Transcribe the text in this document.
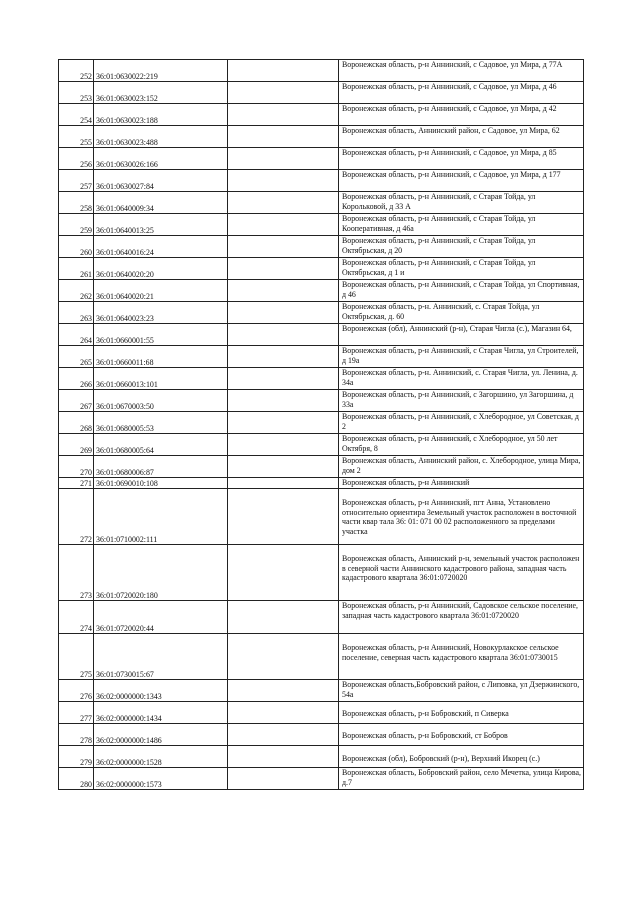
252	36:01:0630022:219		Воронежская область, р-н Аннинский, с Садовое, ул Мира, д 77А
253	36:01:0630023:152		Воронежская область, р-н Аннинский, с Садовое, ул Мира, д 46
254	36:01:0630023:188		Воронежская область, р-н Аннинский, с Садовое, ул Мира, д 42
255	36:01:0630023:488		Воронежская область, Аннинский район, с Садовое, ул Мира, 62
256	36:01:0630026:166		Воронежская область, р-н Аннинский, с Садовое, ул Мира, д 85
257	36:01:0630027:84		Воронежская область, р-н Аннинский, с Садовое, ул Мира, д 177
258	36:01:0640009:34		Воронежская область, р-н Аннинский, с Старая Тойда, ул Корольковой, д 33 А
259	36:01:0640013:25		Воронежская область, р-н Аннинский, с Старая Тойда, ул Кооперативная, д 46а
260	36:01:0640016:24		Воронежская область, р-н Аннинский, с Старая Тойда, ул Октябрьская, д 20
261	36:01:0640020:20		Воронежская область, р-н Аннинский, с Старая Тойда, ул Октябрьская, д 1 и
262	36:01:0640020:21		Воронежская область, р-н Аннинский, с Старая Тойда, ул Спортивная, д 46
263	36:01:0640023:23		Воронежская область, р-н. Аннинский, с. Старая Тойда, ул Октябрьская, д. 60
264	36:01:0660001:55		Воронежская (обл), Аннинский (р-н), Старая Чигла (с.), Магазин 64,
265	36:01:0660011:68		Воронежская область, р-н Аннинский, с Старая Чигла, ул Строителей, д 19а
266	36:01:0660013:101		Воронежская область, р-н. Аннинский, с. Старая Чигла, ул. Ленина, д. 34а
267	36:01:0670003:50		Воронежская область, р-н Аннинский, с Загоршино, ул Загоршина, д 33а
268	36:01:0680005:53		Воронежская область, р-н Аннинский, с Хлебородное, ул Советская, д 2
269	36:01:0680005:64		Воронежская область, р-н Аннинский, с Хлебородное, ул 50 лет Октября, 8
270	36:01:0680006:87		Воронежская область, Аннинский район, с. Хлебородное, улица Мира, дом 2
271	36:01:0690010:108		Воронежская область, р-н Аннинский
272	36:01:0710002:111		Воронежская область, р-н Аннинский, пгт Анна, Установлено относительно ориентира Земельный участок расположен в восточной части квар тала 36: 01: 071 00 02 расположенного за пределами участка
273	36:01:0720020:180		Воронежская область, Аннинский р-н, земельный участок расположен в северной части Аннинского кадастрового района, западная часть кадастрового квартала 36:01:0720020
274	36:01:0720020:44		Воронежская область, р-н Аннинский, Садовское сельское поселение, западная часть кадастрового квартала 36:01:0720020
275	36:01:0730015:67		Воронежская область, р-н Аннинский, Новокурлакское сельское поселение, северная часть кадастрового квартала 36:01:0730015
276	36:02:0000000:1343		Воронежская область,Бобровский район, с Липовка, ул Дзержинского, 54а
277	36:02:0000000:1434		Воронежская область, р-н Бобровский, п Сиверка
278	36:02:0000000:1486		Воронежская область, р-н Бобровский, ст Бобров
279	36:02:0000000:1528		Воронежская (обл), Бобровский (р-н), Верхний Икорец (с.)
280	36:02:0000000:1573		Воронежская область, Бобровский район, село Мечетка, улица Кирова, д.7
